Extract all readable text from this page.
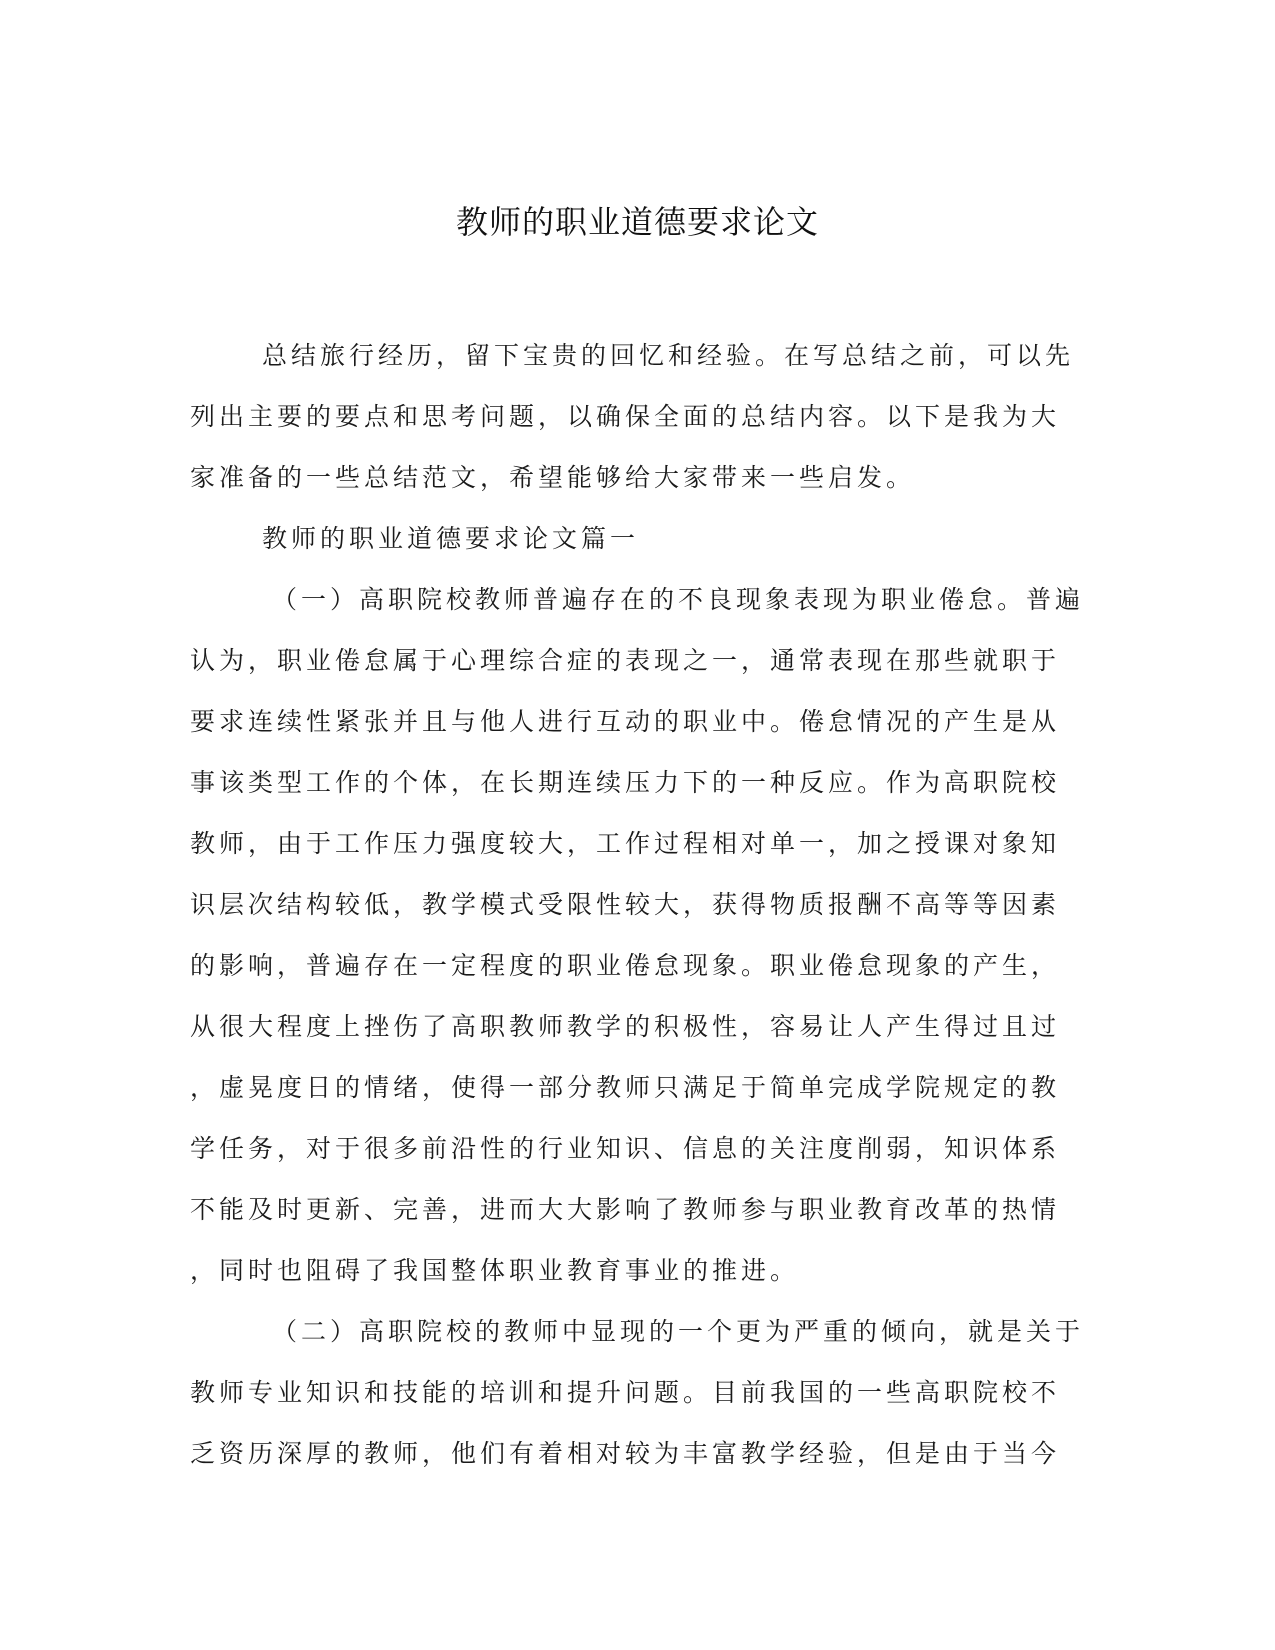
教师的职业道德要求论文
总结旅行经历，留下宝贵的回忆和经验。在写总结之前，可以先
列出主要的要点和思考问题，以确保全面的总结内容。以下是我为大
家准备的一些总结范文，希望能够给大家带来一些启发。
教师的职业道德要求论文篇一
（一）高职院校教师普遍存在的不良现象表现为职业倦怠。普遍
认为，职业倦怠属于心理综合症的表现之一，通常表现在那些就职于
要求连续性紧张并且与他人进行互动的职业中。倦怠情况的产生是从
事该类型工作的个体，在长期连续压力下的一种反应。作为高职院校
教师，由于工作压力强度较大，工作过程相对单一，加之授课对象知
识层次结构较低，教学模式受限性较大，获得物质报酬不高等等因素
的影响，普遍存在一定程度的职业倦怠现象。职业倦怠现象的产生，
从很大程度上挫伤了高职教师教学的积极性，容易让人产生得过且过
，虚晃度日的情绪，使得一部分教师只满足于简单完成学院规定的教
学任务，对于很多前沿性的行业知识、信息的关注度削弱，知识体系
不能及时更新、完善，进而大大影响了教师参与职业教育改革的热情
，同时也阻碍了我国整体职业教育事业的推进。
（二）高职院校的教师中显现的一个更为严重的倾向，就是关于
教师专业知识和技能的培训和提升问题。目前我国的一些高职院校不
乏资历深厚的教师，他们有着相对较为丰富教学经验，但是由于当今
